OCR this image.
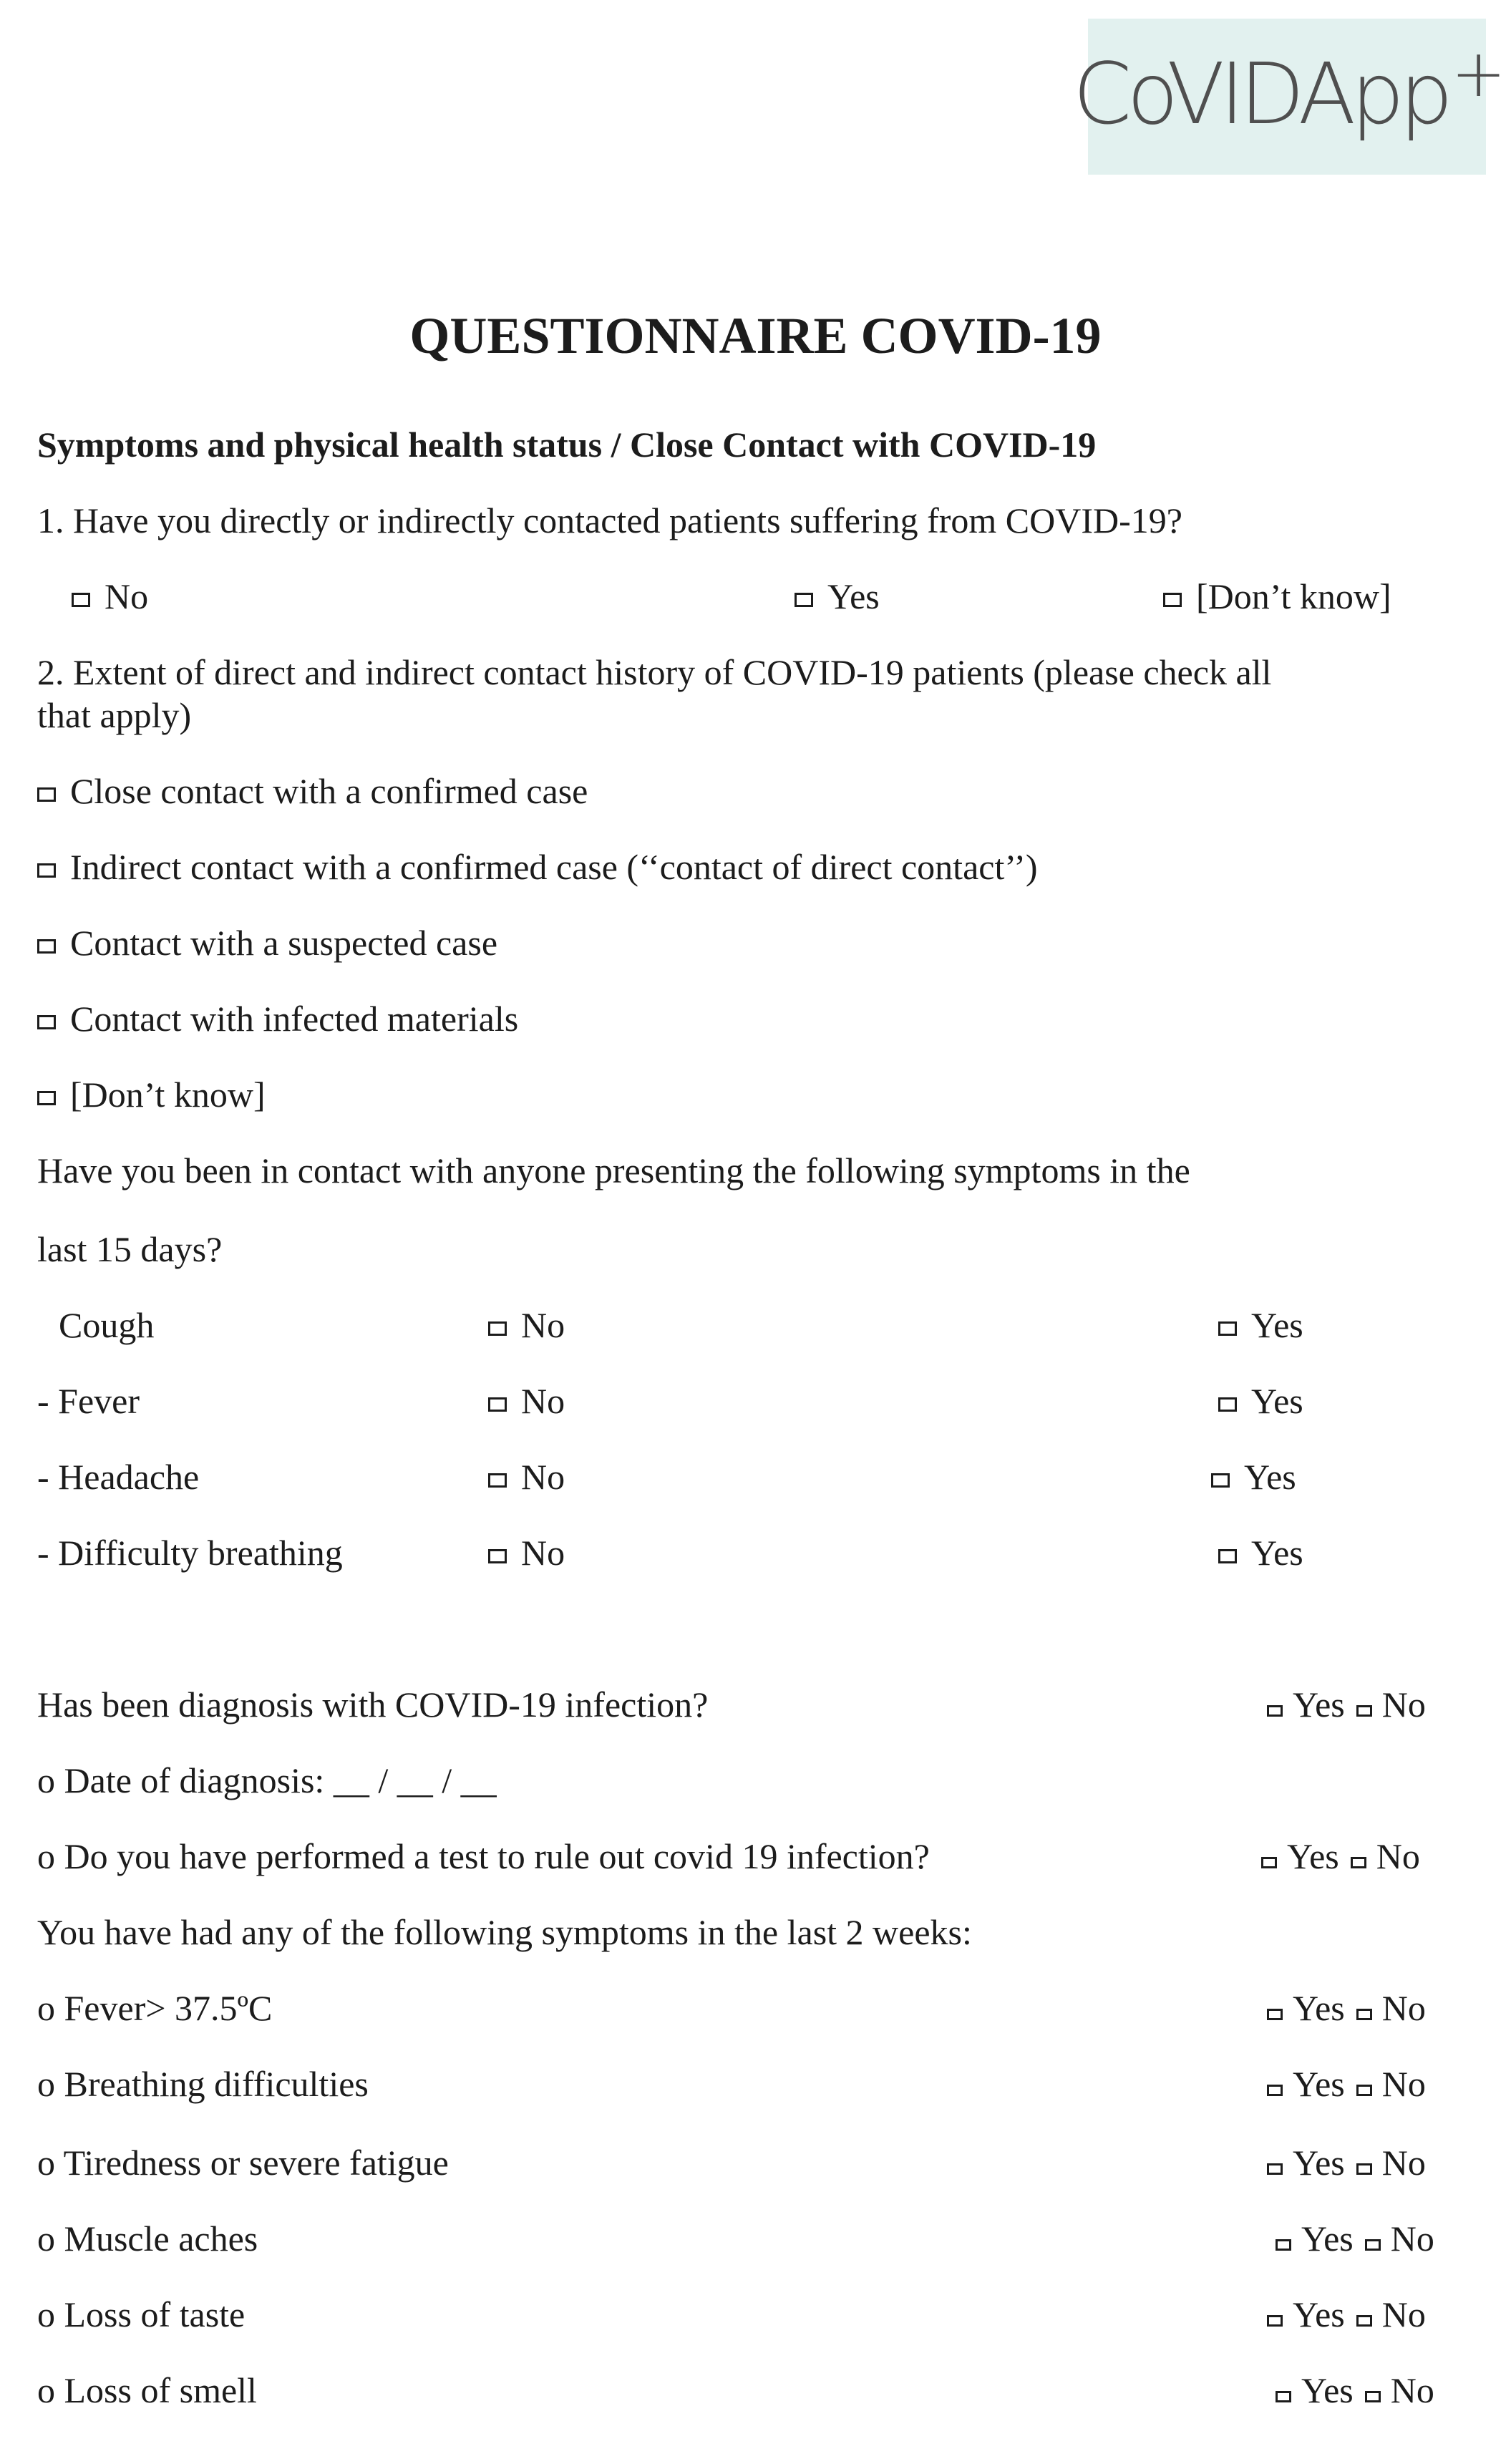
CoVIDApp+
QUESTIONNAIRE COVID-19
Symptoms and physical health status / Close Contact with COVID-19
1. Have you directly or indirectly contacted patients suffering from COVID-19?
No	Yes	[Don’t know]
2. Extent of direct and indirect contact history of COVID-19 patients (please check all
that apply)
Close contact with a confirmed case
Indirect contact with a confirmed case (‘‘contact of direct contact’’)
Contact with a suspected case
Contact with infected materials
[Don’t know]
Have you been in contact with anyone presenting the following symptoms in the
last 15 days?
Cough	No	Yes
- Fever	No	Yes
- Headache	No	Yes
- Difficulty breathing	No	Yes
Has been diagnosis with COVID-19 infection?	Yes No
o Date of diagnosis: __ / __ / __
o Do you have performed a test to rule out covid 19 infection?	Yes No
You have had any of the following symptoms in the last 2 weeks:
o Fever> 37.5ºC	Yes No
o Breathing difficulties	Yes No
o Tiredness or severe fatigue	Yes No
o Muscle aches	Yes No
o Loss of taste	Yes No
o Loss of smell	Yes No
